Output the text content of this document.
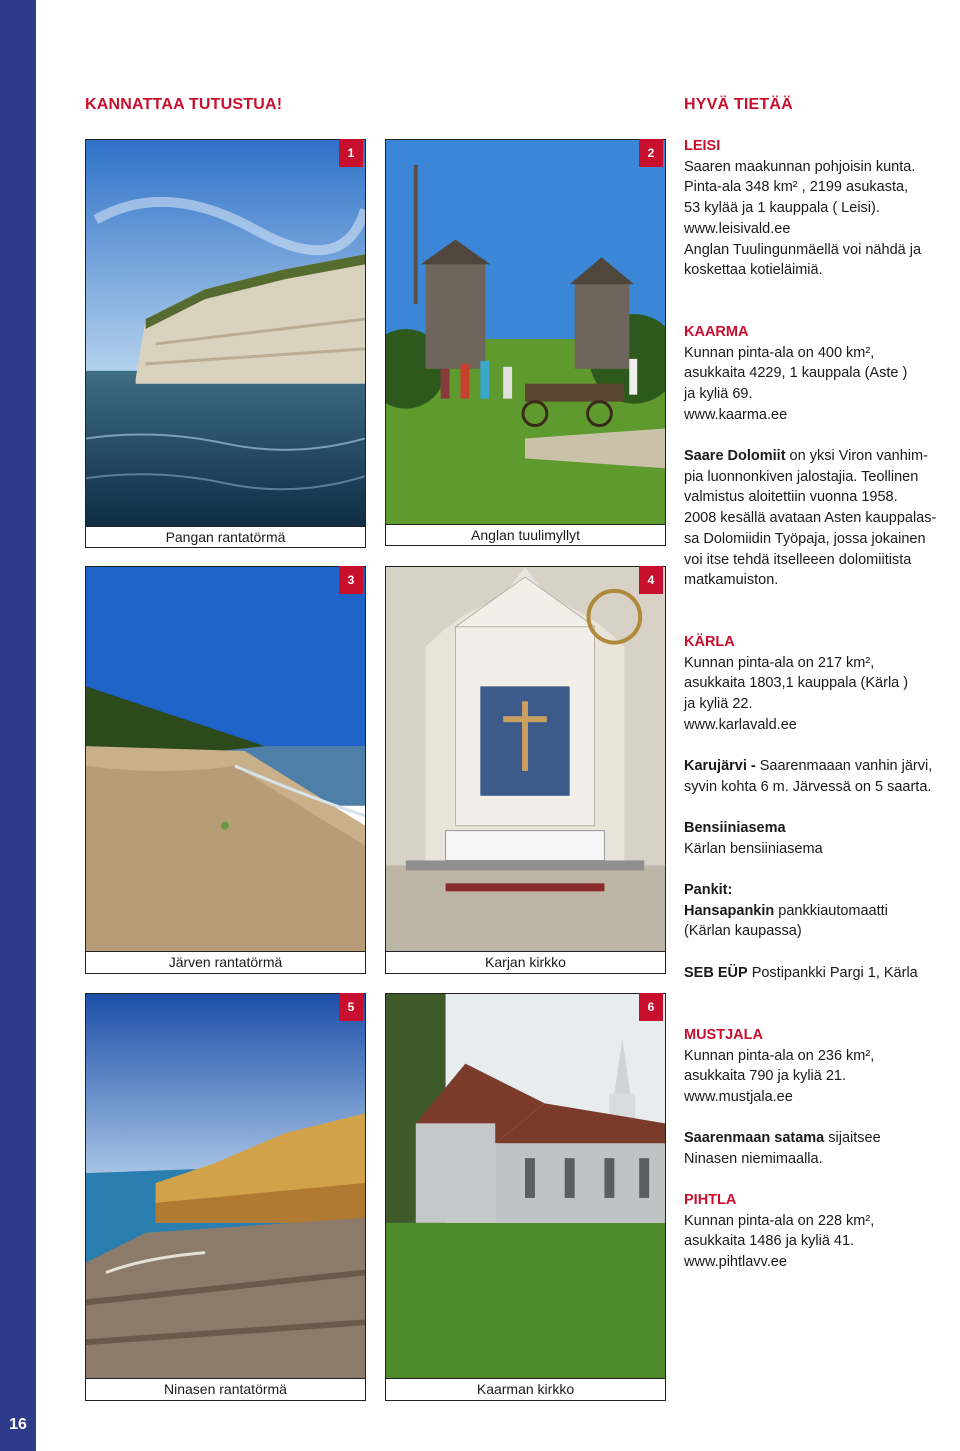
16
KANNATTAA TUTUSTUA!	HYVÄ TIETÄÄ
1
Pangan rantatörmä
2
Anglan tuulimyllyt
3
Järven rantatörmä
4
Karjan kirkko
5
Ninasen rantatörmä
6
Kaarman kirkko

LEISI

Saaren maakunnan pohjoisin kunta.

Pinta-ala 348 km² , 2199 asukasta,

53 kylää ja 1 kauppala ( Leisi).

www.leisivald.ee

Anglan Tuulingunmäellä voi nähdä ja

koskettaa kotieläimiä.

KAARMA

Kunnan pinta-ala on 400 km²,

asukkaita 4229, 1 kauppala (Aste )

ja kyliä 69.

www.kaarma.ee

Saare Dolomiit on yksi Viron vanhim-

pia luonnonkiven jalostajia. Teollinen

valmistus aloitettiin vuonna 1958.

2008 kesällä avataan Asten kauppalas-

sa Dolomiidin Työpaja, jossa jokainen

voi itse tehdä itselleeen dolomiitista

matkamuiston.

KÄRLA

Kunnan pinta-ala on 217 km²,

asukkaita 1803,1 kauppala (Kärla )

ja kyliä 22.

www.karlavald.ee

Karujärvi - Saarenmaaan vanhin järvi,

syvin kohta 6 m. Järvessä on 5 saarta.

Bensiiniasema

Kärlan bensiiniasema

Pankit:

Hansapankin pankkiautomaatti

(Kärlan kaupassa)

SEB EÜP Postipankki Pargi 1, Kärla

MUSTJALA

Kunnan pinta-ala on 236 km²,

asukkaita 790 ja kyliä 21.

www.mustjala.ee

Saarenmaan satama sijaitsee

Ninasen niemimaalla.

PIHTLA

Kunnan pinta-ala on 228 km²,

asukkaita 1486 ja kyliä 41.

www.pihtlavv.ee
